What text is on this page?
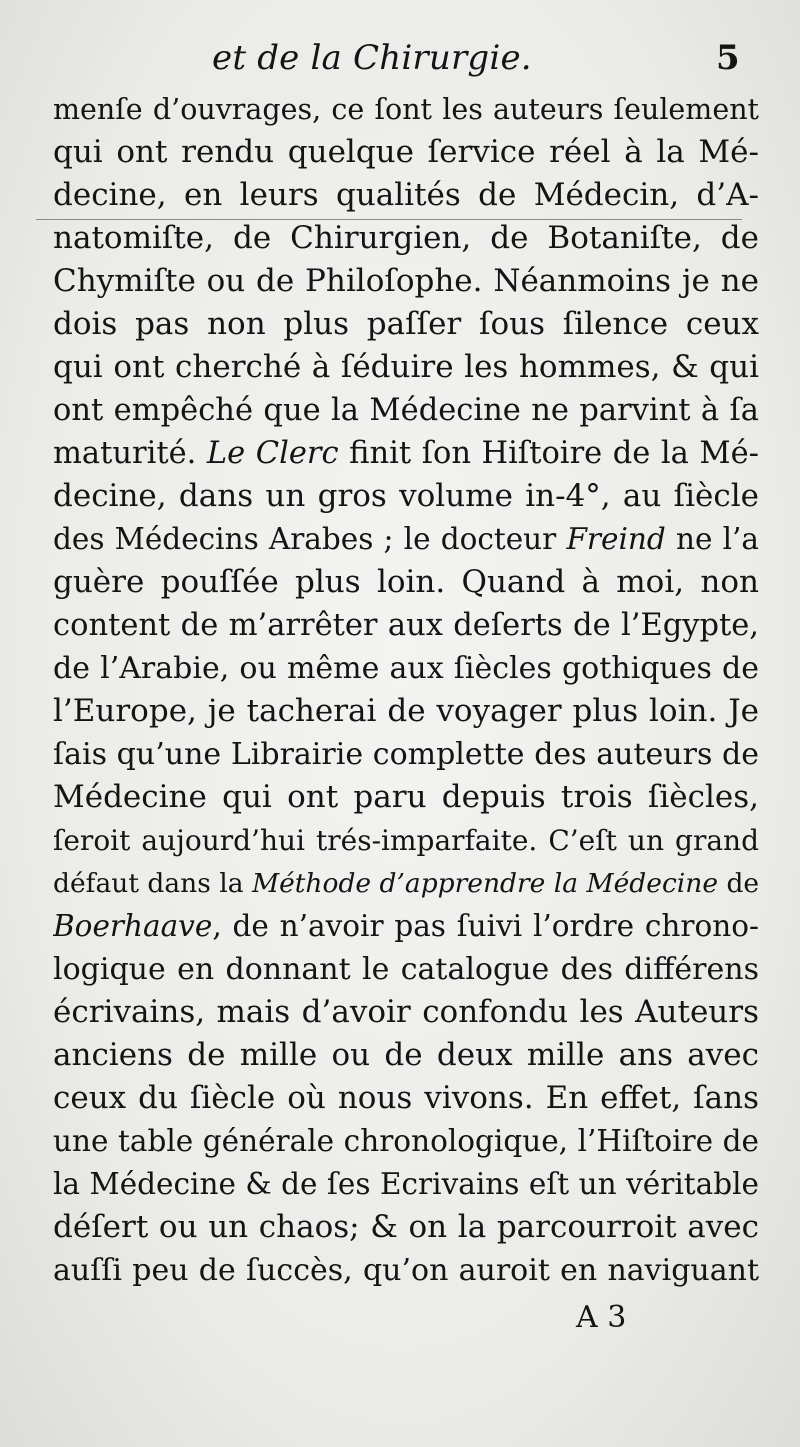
et de la Chirurgie.	5
menſe d’ouvrages, ce ſont les auteurs ſeulement
qui ont rendu quelque ſervice réel à la Mé-
decine, en leurs qualités de Médecin, d’A-
natomiſte, de Chirurgien, de Botaniſte, de
Chymiſte ou de Philoſophe. Néanmoins je ne
dois pas non plus paſſer ſous ſilence ceux
qui ont cherché à ſéduire les hommes, & qui
ont empêché que la Médecine ne parvint à ſa
maturité. Le Clerc finit ſon Hiſtoire de la Mé-
decine, dans un gros volume in-4°, au ſiècle
des Médecins Arabes ; le docteur Freind ne l’a
guère pouſſée plus loin. Quand à moi, non
content de m’arrêter aux deſerts de l’Egypte,
de l’Arabie, ou même aux ſiècles gothiques de
l’Europe, je tacherai de voyager plus loin. Je
ſais qu’une Librairie complette des auteurs de
Médecine qui ont paru depuis trois ſiècles,
ſeroit aujourd’hui trés-imparfaite. C’eſt un grand
défaut dans la Méthode d’apprendre la Médecine de
Boerhaave, de n’avoir pas ſuivi l’ordre chrono-
logique en donnant le catalogue des différens
écrivains, mais d’avoir confondu les Auteurs
anciens de mille ou de deux mille ans avec
ceux du ſiècle où nous vivons. En effet, ſans
une table générale chronologique, l’Hiſtoire de
la Médecine & de ſes Ecrivains eſt un véritable
déſert ou un chaos; & on la parcourroit avec
auſſi peu de ſuccès, qu’on auroit en naviguant
A 3
